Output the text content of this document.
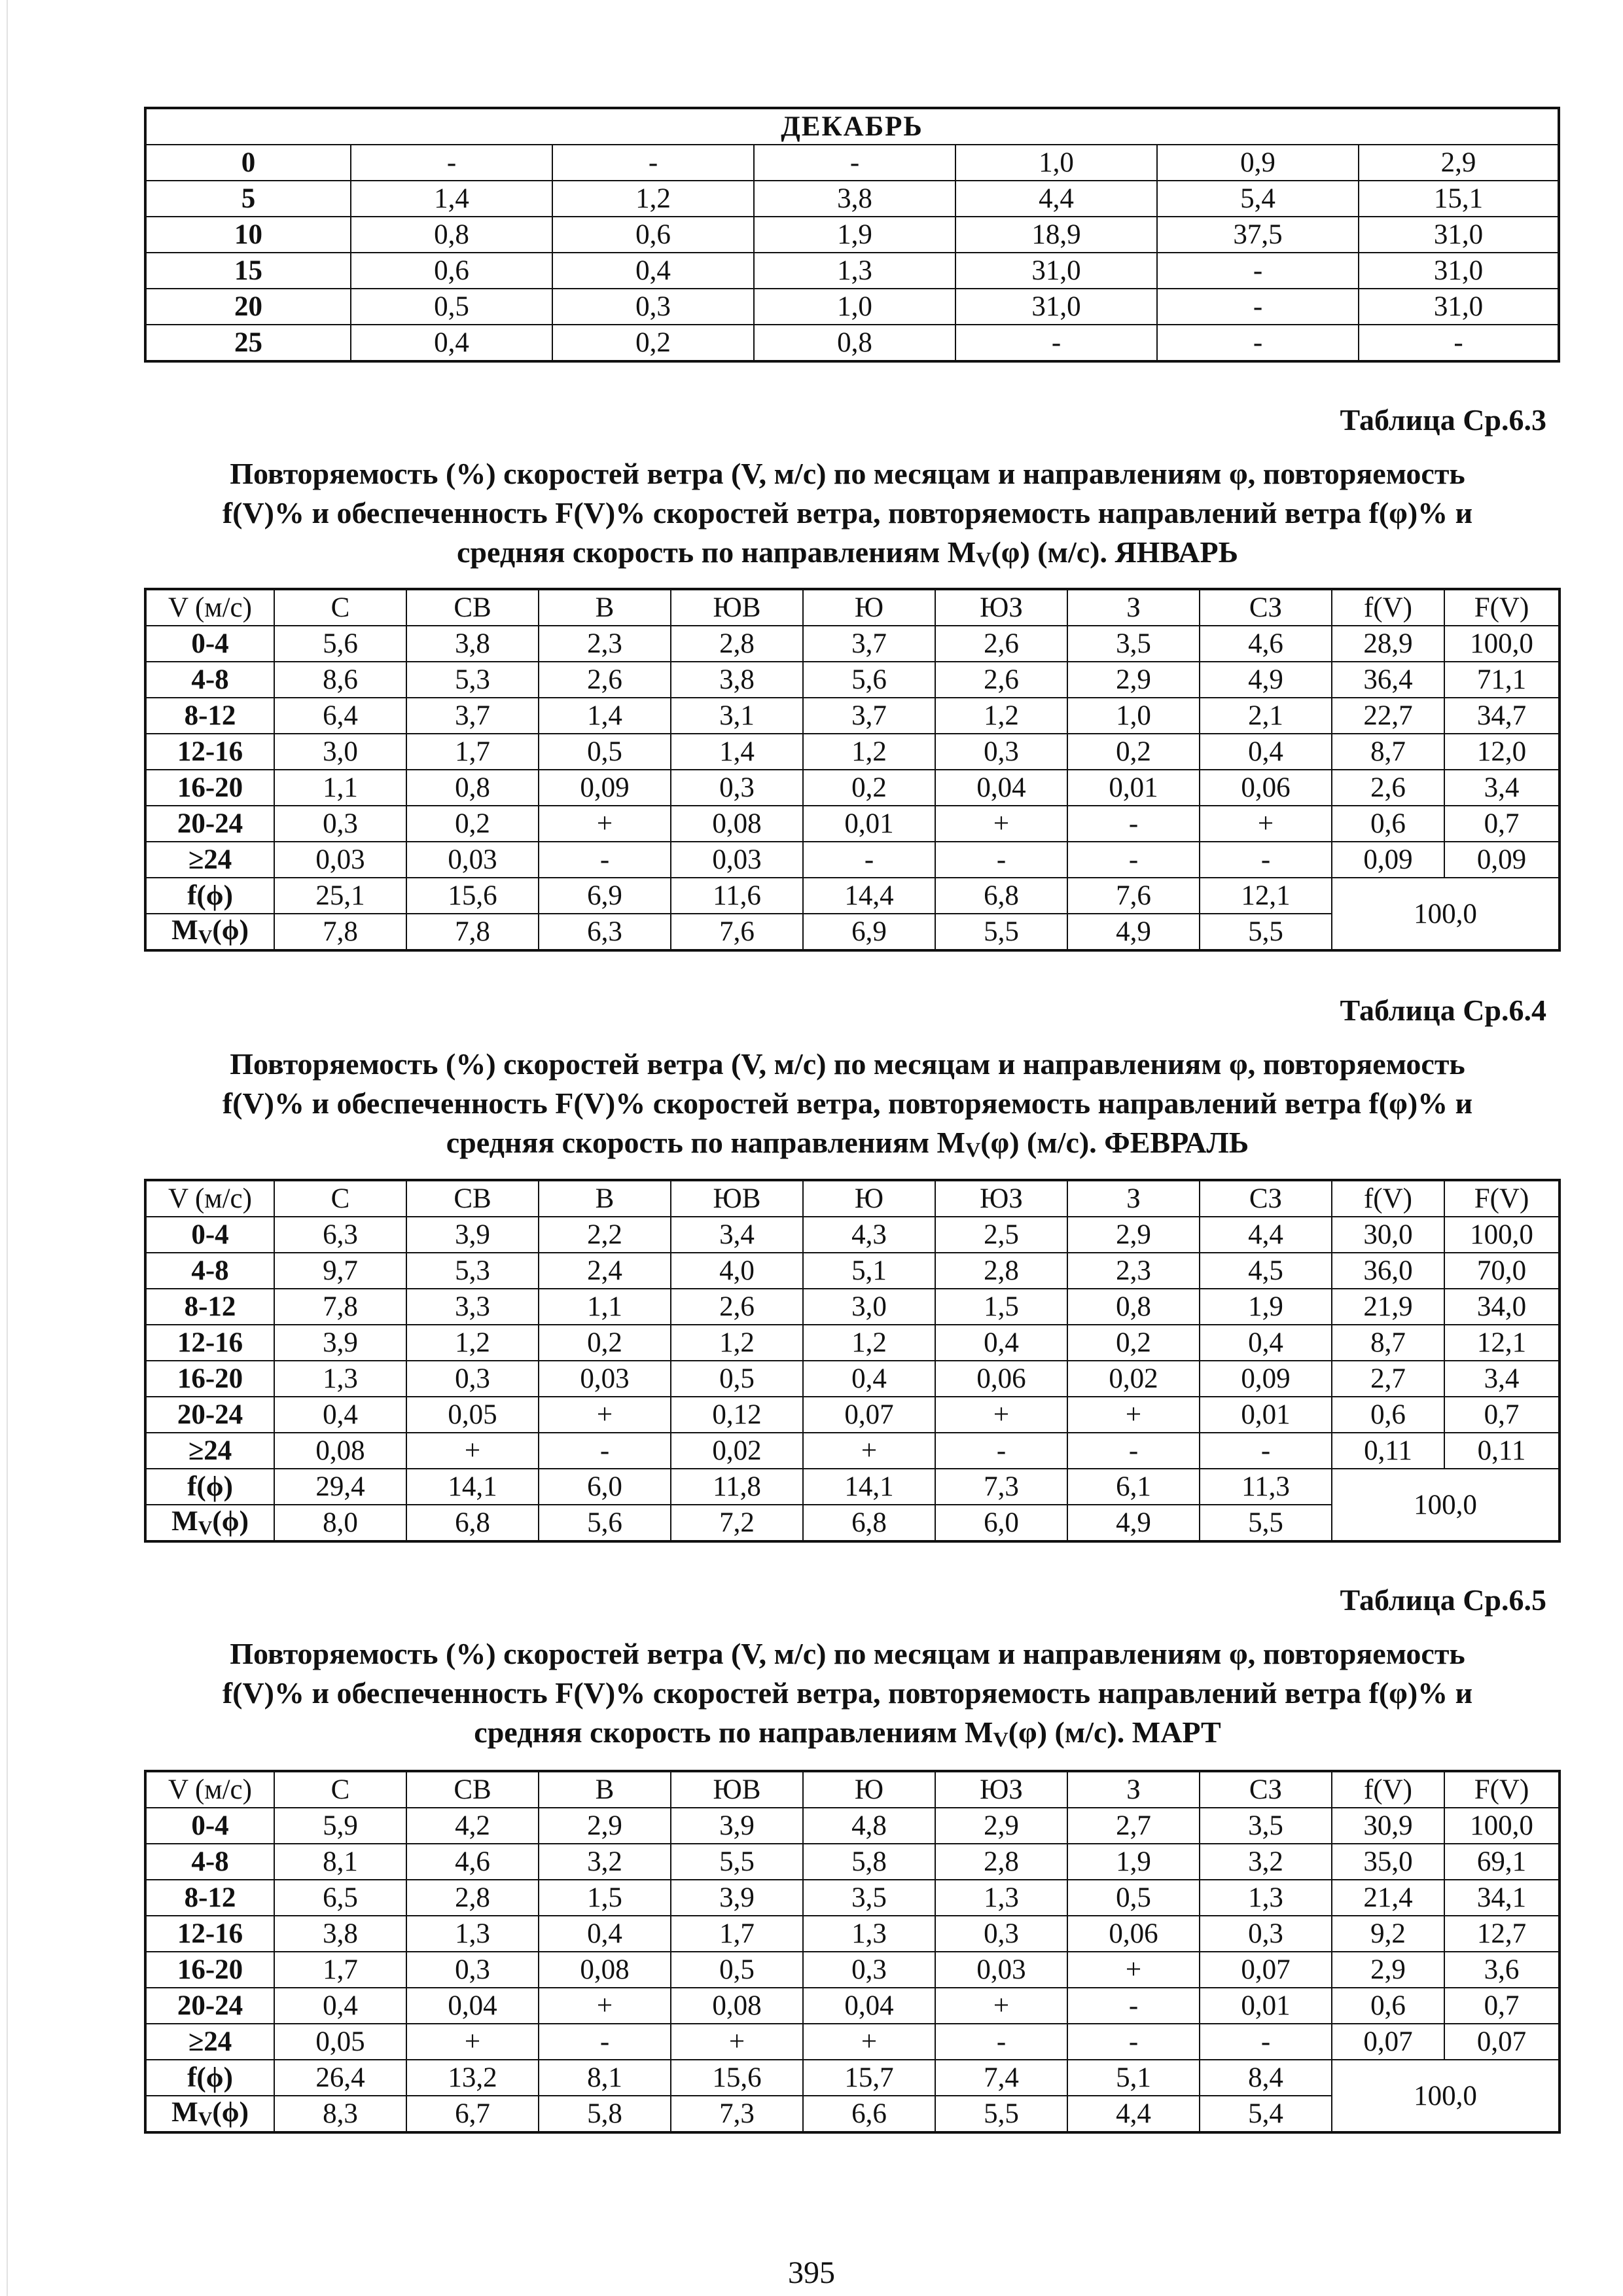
ДЕКАБРЬ						
0	-	-	-	1,0	0,9	2,9
5	1,4	1,2	3,8	4,4	5,4	15,1
10	0,8	0,6	1,9	18,9	37,5	31,0
15	0,6	0,4	1,3	31,0	-	31,0
20	0,5	0,3	1,0	31,0	-	31,0
25	0,4	0,2	0,8	-	-	-
Таблица Ср.6.3
Повторяемость (%) скоростей ветра (V, м/с) по месяцам и направлениям φ, повторяемость
f(V)% и обеспеченность F(V)% скоростей ветра, повторяемость направлений ветра f(φ)% и
средняя скорость по направлениям $M_V(\varphi)$ (м/с). ЯНВАРЬ
V (м/с)	С	СВ	В	ЮВ	Ю	ЮЗ	З	СЗ	f(V)	F(V)
0-4	5,6	3,8	2,3	2,8	3,7	2,6	3,5	4,6	28,9	100,0
4-8	8,6	5,3	2,6	3,8	5,6	2,6	2,9	4,9	36,4	71,1
8-12	6,4	3,7	1,4	3,1	3,7	1,2	1,0	2,1	22,7	34,7
12-16	3,0	1,7	0,5	1,4	1,2	0,3	0,2	0,4	8,7	12,0
16-20	1,1	0,8	0,09	0,3	0,2	0,04	0,01	0,06	2,6	3,4
20-24	0,3	0,2	+	0,08	0,01	+	-	+	0,6	0,7
≥24	0,03	0,03	-	0,03	-	-	-	-	0,09	0,09
f(ϕ)	25,1	15,6	6,9	11,6	14,4	6,8	7,6	12,1	100,0	
$M_V(\phi)$	7,8	7,8	6,3	7,6	6,9	5,5	4,9	5,5		
Таблица Ср.6.4
Повторяемость (%) скоростей ветра (V, м/с) по месяцам и направлениям φ, повторяемость
f(V)% и обеспеченность F(V)% скоростей ветра, повторяемость направлений ветра f(φ)% и
средняя скорость по направлениям $M_V(\varphi)$ (м/с). ФЕВРАЛЬ
V (м/с)	С	СВ	В	ЮВ	Ю	ЮЗ	З	СЗ	f(V)	F(V)
0-4	6,3	3,9	2,2	3,4	4,3	2,5	2,9	4,4	30,0	100,0
4-8	9,7	5,3	2,4	4,0	5,1	2,8	2,3	4,5	36,0	70,0
8-12	7,8	3,3	1,1	2,6	3,0	1,5	0,8	1,9	21,9	34,0
12-16	3,9	1,2	0,2	1,2	1,2	0,4	0,2	0,4	8,7	12,1
16-20	1,3	0,3	0,03	0,5	0,4	0,06	0,02	0,09	2,7	3,4
20-24	0,4	0,05	+	0,12	0,07	+	+	0,01	0,6	0,7
≥24	0,08	+	-	0,02	+	-	-	-	0,11	0,11
f(ϕ)	29,4	14,1	6,0	11,8	14,1	7,3	6,1	11,3	100,0	
$M_V(\phi)$	8,0	6,8	5,6	7,2	6,8	6,0	4,9	5,5		
Таблица Ср.6.5
Повторяемость (%) скоростей ветра (V, м/с) по месяцам и направлениям φ, повторяемость
f(V)% и обеспеченность F(V)% скоростей ветра, повторяемость направлений ветра f(φ)% и
средняя скорость по направлениям $M_V(\varphi)$ (м/с). МАРТ
V (м/с)	С	СВ	В	ЮВ	Ю	ЮЗ	З	СЗ	f(V)	F(V)
0-4	5,9	4,2	2,9	3,9	4,8	2,9	2,7	3,5	30,9	100,0
4-8	8,1	4,6	3,2	5,5	5,8	2,8	1,9	3,2	35,0	69,1
8-12	6,5	2,8	1,5	3,9	3,5	1,3	0,5	1,3	21,4	34,1
12-16	3,8	1,3	0,4	1,7	1,3	0,3	0,06	0,3	9,2	12,7
16-20	1,7	0,3	0,08	0,5	0,3	0,03	+	0,07	2,9	3,6
20-24	0,4	0,04	+	0,08	0,04	+	-	0,01	0,6	0,7
≥24	0,05	+	-	+	+	-	-	-	0,07	0,07
f(ϕ)	26,4	13,2	8,1	15,6	15,7	7,4	5,1	8,4	100,0	
$M_V(\phi)$	8,3	6,7	5,8	7,3	6,6	5,5	4,4	5,4		
395
